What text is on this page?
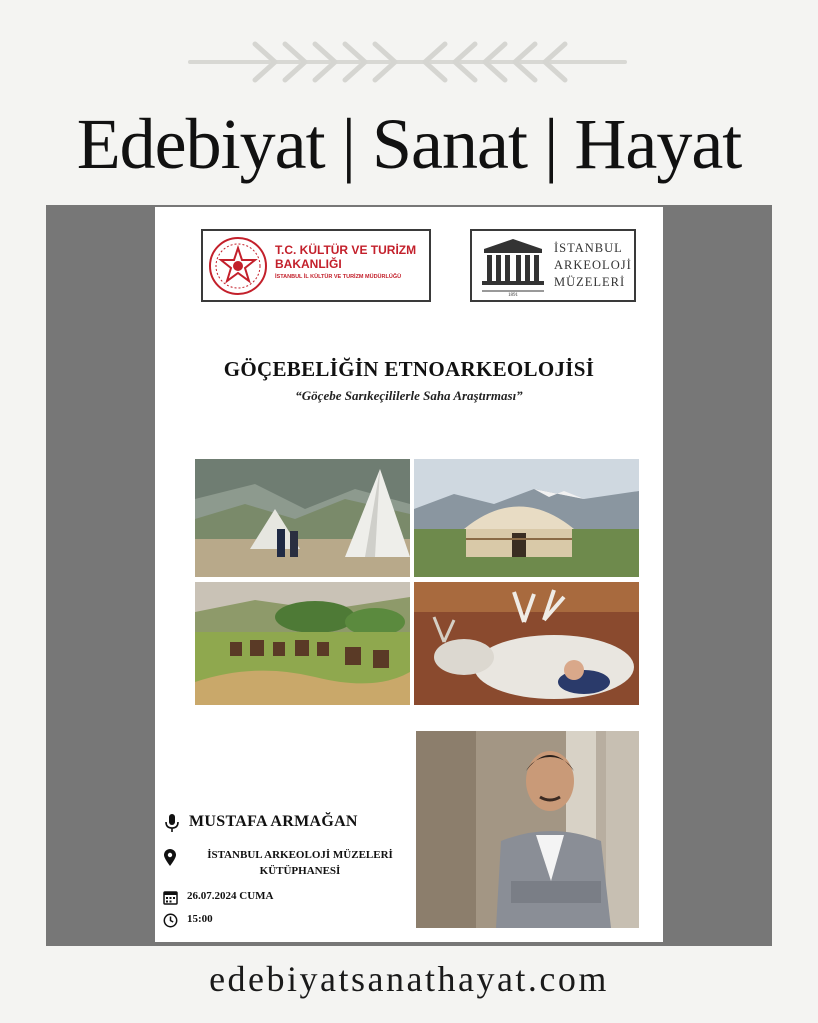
Edebiyat | Sanat | Hayat
T.C. KÜLTÜR VE TURİZM
BAKANLIĞI
İSTANBUL İL KÜLTÜR VE TURİZM MÜDÜRLÜĞÜ
1891
İSTANBUL
ARKEOLOJİ
MÜZELERİ
GÖÇEBELİĞİN ETNOARKEOLOJİSİ
“Göçebe Sarıkeçililerle Saha Araştırması”
MUSTAFA ARMAĞAN
İSTANBUL ARKEOLOJİ MÜZELERİ
KÜTÜPHANESİ
26.07.2024 CUMA
15:00
edebiyatsanathayat.com
